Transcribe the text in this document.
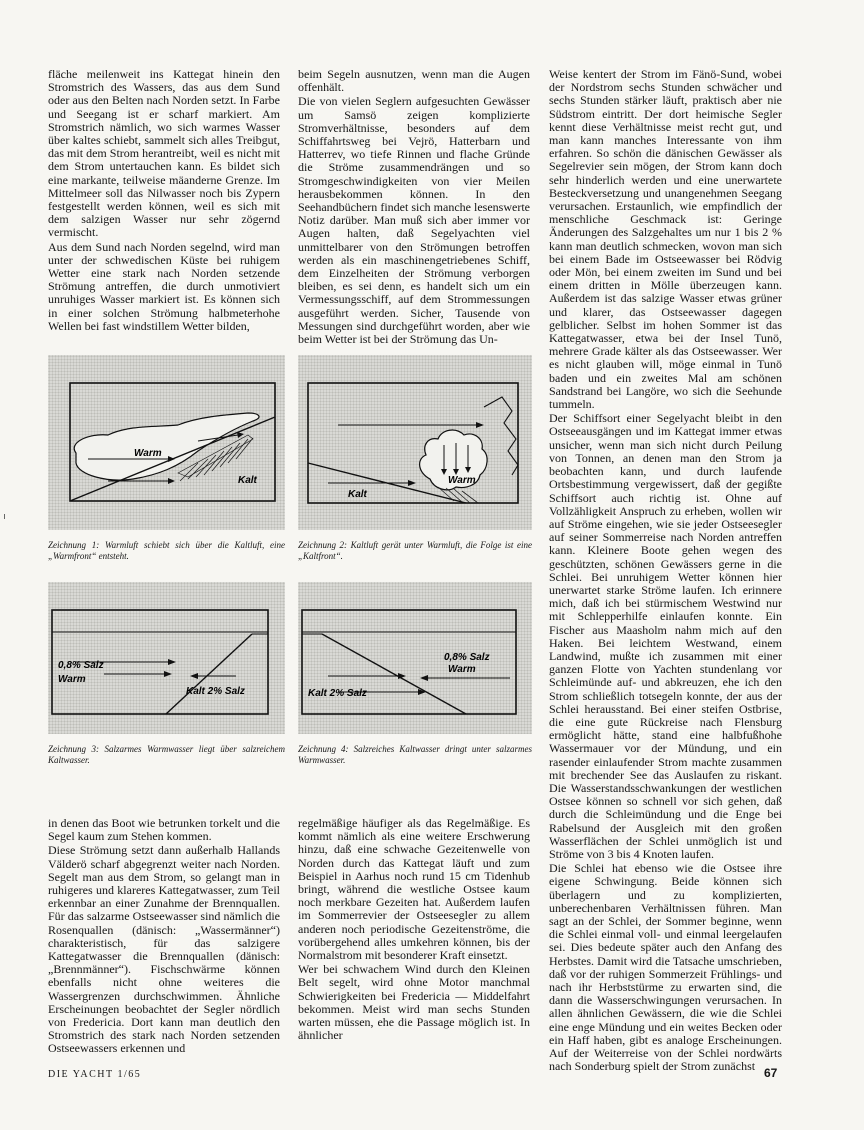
fläche meilenweit ins Kattegat hinein den Stromstrich des Wassers, das aus dem Sund oder aus den Belten nach Norden setzt. In Farbe und Seegang ist er scharf markiert. Am Stromstrich nämlich, wo sich warmes Wasser über kaltes schiebt, sammelt sich alles Treibgut, das mit dem Strom herantreibt, weil es nicht mit dem Strom untertauchen kann. Es bildet sich eine markante, teilweise mäanderne Grenze. Im Mittelmeer soll das Nilwasser noch bis Zypern festgestellt werden können, weil es sich mit dem salzigen Wasser nur sehr zögernd vermischt.

Aus dem Sund nach Norden segelnd, wird man unter der schwedischen Küste bei ruhigem Wetter eine stark nach Norden setzende Strömung antreffen, die durch unmotiviert unruhiges Wasser markiert ist. Es können sich in einer solchen Strömung halbmeterhohe Wellen bei fast windstillem Wetter bilden,

beim Segeln ausnutzen, wenn man die Augen offenhält.

Die von vielen Seglern aufgesuchten Gewässer um Samsö zeigen komplizierte Stromverhältnisse, besonders auf dem Schiffahrtsweg bei Vejrö, Hatterbarn und Hatterrev, wo tiefe Rinnen und flache Gründe die Ströme zusammendrängen und so Stromgeschwindigkeiten von vier Meilen herausbekommen können. In den Seehandbüchern findet sich manche lesenswerte Notiz darüber. Man muß sich aber immer vor Augen halten, daß Segelyachten viel unmittelbarer von den Strömungen betroffen werden als ein maschinengetriebenes Schiff, dem Einzelheiten der Strömung verborgen bleiben, es sei denn, es handelt sich um ein Vermessungsschiff, auf dem Strommessungen ausgeführt werden. Sicher, Tausende von Messungen sind durchgeführt worden, aber wie beim Wetter ist bei der Strömung das Un-

Weise kentert der Strom im Fänö-Sund, wobei der Nordstrom sechs Stunden schwächer und sechs Stunden stärker läuft, praktisch aber nie Südstrom eintritt. Der dort heimische Segler kennt diese Verhältnisse meist recht gut, und man kann manches Interessante von ihm erfahren. So schön die dänischen Gewässer als Segelrevier sein mögen, der Strom kann doch sehr hinderlich werden und eine unerwartete Besteckversetzung und unangenehmen Seegang verursachen. Erstaunlich, wie empfindlich der menschliche Geschmack ist: Geringe Änderungen des Salzgehaltes um nur 1 bis 2 % kann man deutlich schmecken, wovon man sich bei einem Bade im Ostseewasser bei Rödvig oder Mön, bei einem zweiten im Sund und bei einem dritten in Mölle überzeugen kann. Außerdem ist das salzige Wasser etwas grüner und klarer, das Ostseewasser dagegen gelblicher. Selbst im hohen Sommer ist das Kattegatwasser, etwa bei der Insel Tunö, mehrere Grade kälter als das Ostseewasser. Wer es nicht glauben will, möge einmal in Tunö baden und ein zweites Mal am schönen Sandstrand bei Langöre, wo sich die Seehunde tummeln.

Der Schiffsort einer Segelyacht bleibt in den Ostseeausgängen und im Kattegat immer etwas unsicher, wenn man sich nicht durch Peilung von Tonnen, an denen man den Strom ja beobachten kann, und durch laufende Ortsbestimmung vergewissert, daß der gegißte Schiffsort auch richtig ist. Ohne auf Vollzähligkeit Anspruch zu erheben, wollen wir auf Ströme eingehen, wie sie jeder Ostseesegler auf seiner Sommerreise nach Norden antreffen kann. Kleinere Boote gehen wegen des geschützten, schönen Gewässers gerne in die Schlei. Bei unruhigem Wetter können hier unerwartet starke Ströme laufen. Ich erinnere mich, daß ich bei stürmischem Westwind nur mit Schlepperhilfe einlaufen konnte. Ein Fischer aus Maasholm nahm mich auf den Haken. Bei leichtem Westwand, einem Landwind, mußte ich zusammen mit einer ganzen Flotte von Yachten stundenlang vor Schleimünde auf- und abkreuzen, ehe ich den Strom schließlich totsegeln konnte, der aus der Schlei herausstand. Bei einer steifen Ostbrise, die eine gute Rückreise nach Flensburg ermöglicht hätte, stand eine halbfußhohe Wassermauer vor der Mündung, und ein rasender einlaufender Strom machte zusammen mit brechender See das Auslaufen zu riskant. Die Wasserstandsschwankungen der westlichen Ostsee können so schnell vor sich gehen, daß durch die Schleimündung und die Enge bei Rabelsund der Ausgleich mit den großen Wasserflächen der Schlei unmöglich ist und Ströme von 3 bis 4 Knoten laufen.

Die Schlei hat ebenso wie die Ostsee ihre eigene Schwingung. Beide können sich überlagern und zu komplizierten, unberechenbaren Verhältnissen führen. Man sagt an der Schlei, der Sommer beginne, wenn die Schlei einmal voll- und einmal leergelaufen sei. Dies bedeute später auch den Anfang des Herbstes. Damit wird die Tatsache umschrieben, daß vor der ruhigen Sommerzeit Frühlings- und nach ihr Herbststürme zu erwarten sind, die dann die Wasserschwingungen verursachen. In allen ähnlichen Gewässern, die wie die Schlei eine enge Mündung und ein weites Becken oder ein Haff haben, gibt es analoge Erscheinungen. Auf der Weiterreise von der Schlei nordwärts nach Sonderburg spielt der Strom zunächst

in denen das Boot wie betrunken torkelt und die Segel kaum zum Stehen kommen.

Diese Strömung setzt dann außerhalb Hallands Välderö scharf abgegrenzt weiter nach Norden. Segelt man aus dem Strom, so gelangt man in ruhigeres und klareres Kattegatwasser, zum Teil erkennbar an einer Zunahme der Brennquallen. Für das salzarme Ostseewasser sind nämlich die Rosenquallen (dänisch: „Wassermänner“) charakteristisch, für das salzigere Kattegatwasser die Brennquallen (dänisch: „Brennmänner“). Fischschwärme können ebenfalls nicht ohne weiteres die Wassergrenzen durchschwimmen. Ähnliche Erscheinungen beobachtet der Segler nördlich von Fredericia. Dort kann man deutlich den Stromstrich des stark nach Norden setzenden Ostseewassers erkennen und

regelmäßige häufiger als das Regelmäßige. Es kommt nämlich als eine weitere Erschwerung hinzu, daß eine schwache Gezeitenwelle von Norden durch das Kattegat läuft und zum Beispiel in Aarhus noch rund 15 cm Tidenhub bringt, während die westliche Ostsee kaum noch merkbare Gezeiten hat. Außerdem laufen im Sommerrevier der Ostseesegler zu allem anderen noch periodische Gezeitenströme, die vorübergehend alles umkehren können, bis der Normalstrom mit besonderer Kraft einsetzt.

Wer bei schwachem Wind durch den Kleinen Belt segelt, wird ohne Motor manchmal Schwierigkeiten bei Fredericia — Middelfahrt bekommen. Meist wird man sechs Stunden warten müssen, ehe die Passage möglich ist. In ähnlicher

Warm
Kalt
Kalt
Warm
0,8% Salz
Warm
Kalt 2% Salz
0,8% Salz
Warm
Kalt 2% Salz
Zeichnung 1: Warmluft schiebt sich über die Kaltluft, eine „Warmfront“ entsteht.
Zeichnung 2: Kaltluft gerät unter Warmluft, die Folge ist eine „Kaltfront“.
Zeichnung 3: Salzarmes Warmwasser liegt über salzreichem Kaltwasser.
Zeichnung 4: Salzreiches Kaltwasser dringt unter salzarmes Warmwasser.
DIE YACHT 1/65	67
